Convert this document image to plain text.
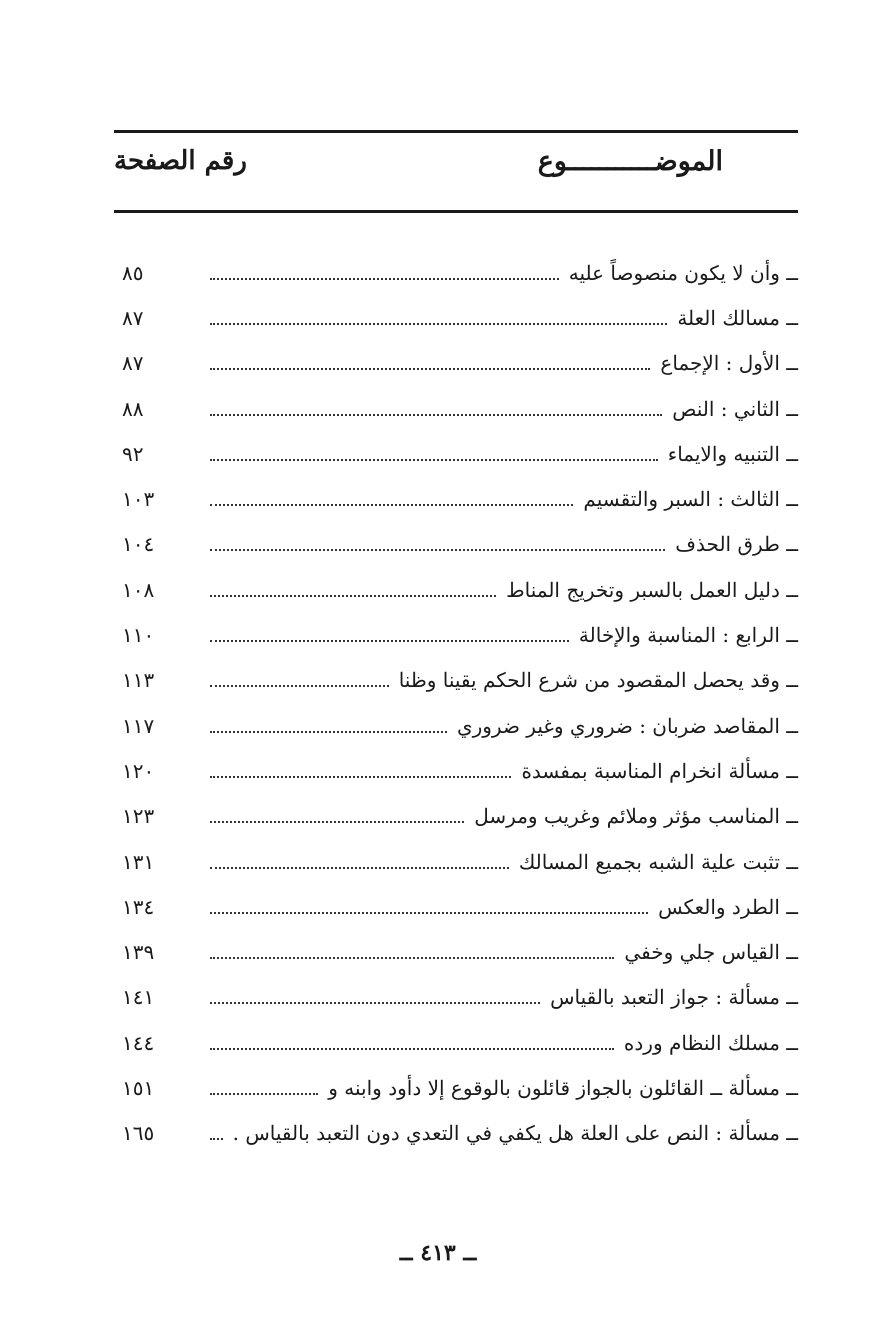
الموضـــــــــــوع
رقم الصفحة
ــ وأن لا يكون منصوصاً عليه
٨٥
ــ مسالك العلة
٨٧
ــ الأول : الإجماع
٨٧
ــ الثاني : النص
٨٨
ــ التنبيه والايماء
٩٢
ــ الثالث : السبر والتقسيم
١٠٣
ــ طرق الحذف
١٠٤
ــ دليل العمل بالسبر وتخريج المناط
١٠٨
ــ الرابع : المناسبة والإخالة
١١٠
ــ وقد يحصل المقصود من شرع الحكم يقينا وظنا
١١٣
ــ المقاصد ضربان : ضروري وغير ضروري
١١٧
ــ مسألة انخرام المناسبة بمفسدة
١٢٠
ــ المناسب مؤثر وملائم وغريب ومرسل
١٢٣
ــ تثبت علية الشبه بجميع المسالك
١٣١
ــ الطرد والعكس
١٣٤
ــ القياس جلي وخفي
١٣٩
ــ مسألة : جواز التعبد بالقياس
١٤١
ــ مسلك النظام ورده
١٤٤
ــ مسألة ــ القائلون بالجواز قائلون بالوقوع إلا دأود وابنه و
١٥١
ــ مسألة : النص على العلة هل يكفي في التعدي دون التعبد بالقياس .
١٦٥
ــ ٤١٣ ــ
